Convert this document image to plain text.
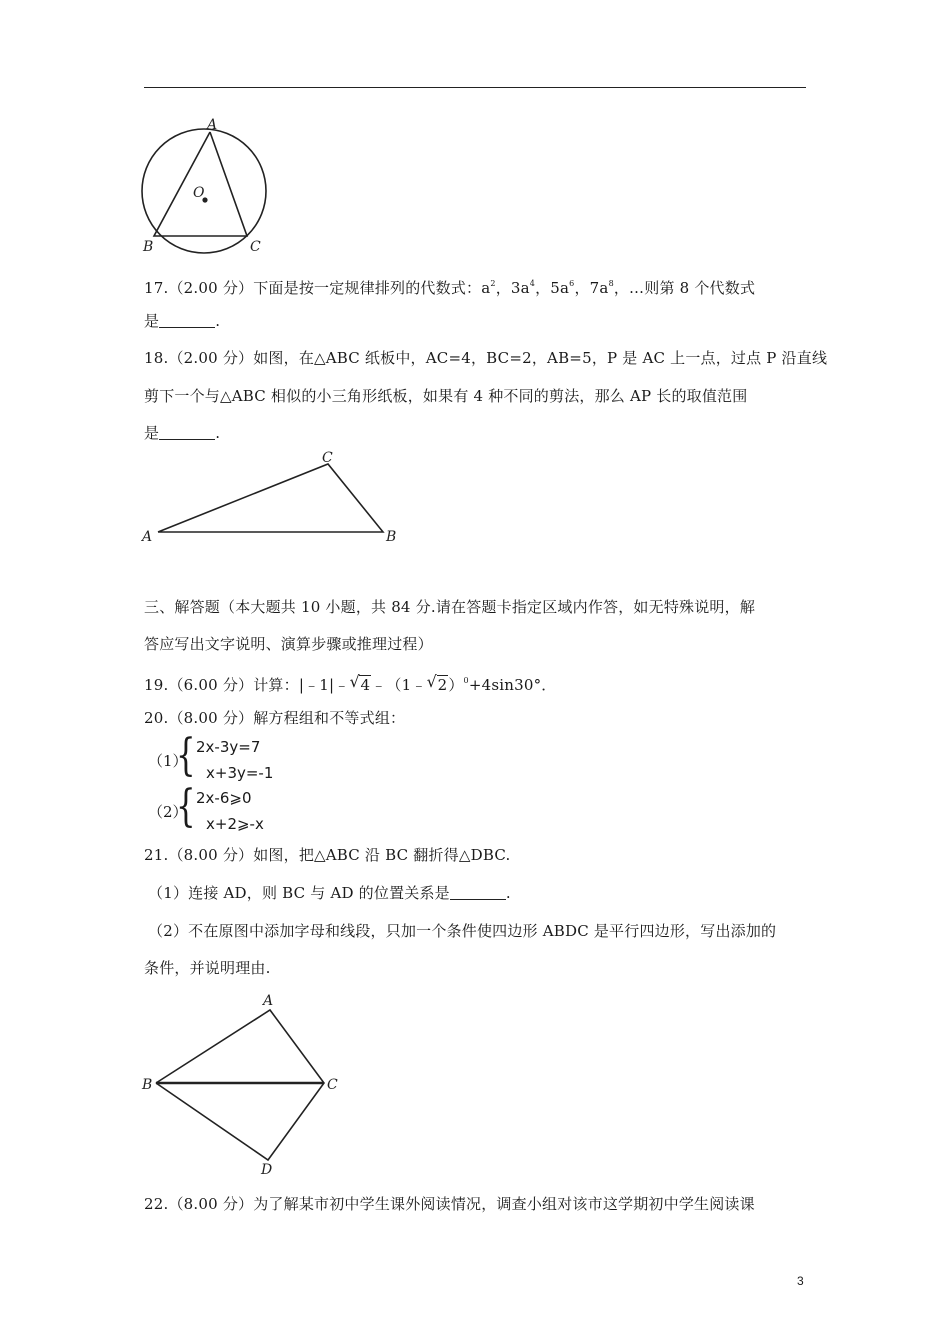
A
O
B	C
17.（2.00 分）下面是按一定规律排列的代数式：$a^2$，$3a^4$，$5a^6$，$7a^8$，…则第 8 个代数式
是	.
18.（2.00 分）如图，在△ABC 纸板中，AC=4，BC=2，AB=5，P 是 AC 上一点，过点 P 沿直线
剪下一个与△ABC 相似的小三角形纸板，如果有 4 种不同的剪法，那么 AP 长的取值范围
是	.
C
A	B
三、解答题（本大题共 10 小题，共 84 分.请在答题卡指定区域内作答，如无特殊说明，解
答应写出文字说明、演算步骤或推理过程）
19.（6.00 分）计算：|﹣1|﹣ √ 4﹣（1﹣ √ 2）$^0$+4sin30°．
20.（8.00 分）解方程组和不等式组：
（1）
{ 2x-3y=7
x+3y=-1
（2）
{ 2x-6⩾0
x+2⩾-x
21.（8.00 分）如图，把△ABC 沿 BC 翻折得△DBC.
（1）连接 AD，则 BC 与 AD 的位置关系是	.
（2）不在原图中添加字母和线段，只加一个条件使四边形 ABDC 是平行四边形，写出添加的
条件，并说明理由.
A
B	C
D
22.（8.00 分）为了解某市初中学生课外阅读情况，调查小组对该市这学期初中学生阅读课
3
